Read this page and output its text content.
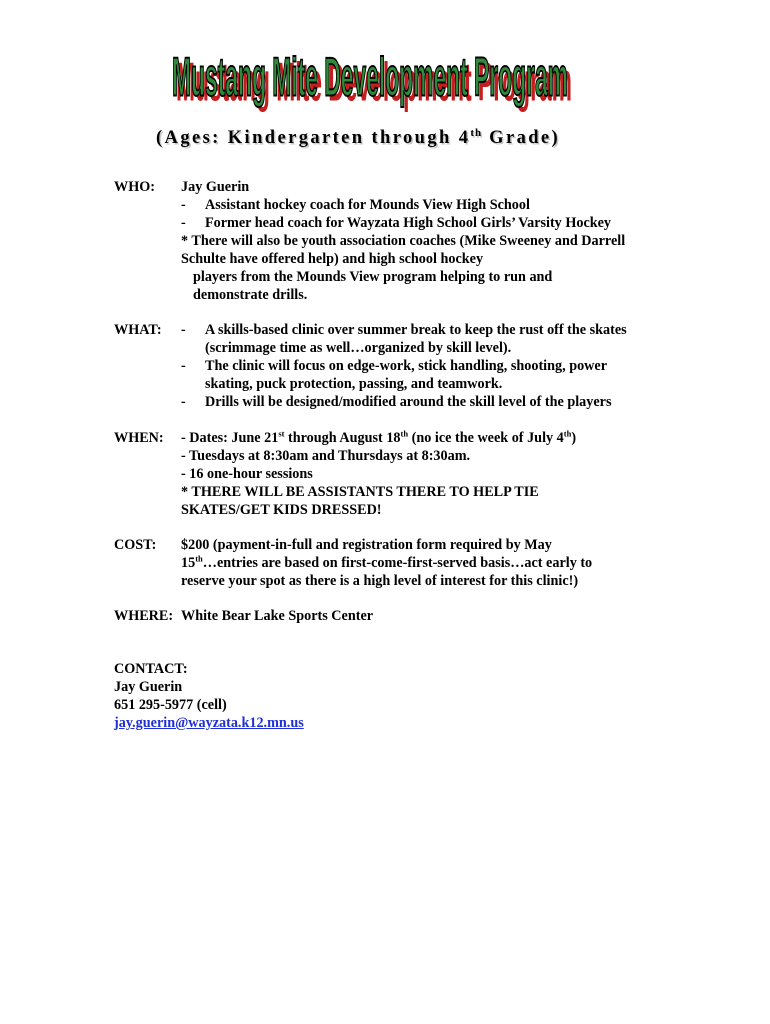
Mustang Mite Development Program
Mustang Mite Development Program
(Ages: Kindergarten through 4th Grade)
WHO: Jay Guerin
- Assistant hockey coach for Mounds View High School
- Former head coach for Wayzata High School Girls’ Varsity Hockey
* There will also be youth association coaches (Mike Sweeney and Darrell
Schulte have offered help) and high school hockey
players from the Mounds View program helping to run and
demonstrate drills.
WHAT: - A skills-based clinic over summer break to keep the rust off the skates
(scrimmage time as well…organized by skill level).
- The clinic will focus on edge-work, stick handling, shooting, power
skating, puck protection, passing, and teamwork.
- Drills will be designed/modified around the skill level of the players
WHEN: - Dates: June 21st through August 18th (no ice the week of July 4th)
- Tuesdays at 8:30am and Thursdays at 8:30am.
- 16 one-hour sessions
* THERE WILL BE ASSISTANTS THERE TO HELP TIE
SKATES/GET KIDS DRESSED!
COST: $200 (payment-in-full and registration form required by May
15th…entries are based on first-come-first-served basis…act early to
reserve your spot as there is a high level of interest for this clinic!)
WHERE: White Bear Lake Sports Center
CONTACT:
Jay Guerin
651 295-5977 (cell)
jay.guerin@wayzata.k12.mn.us
